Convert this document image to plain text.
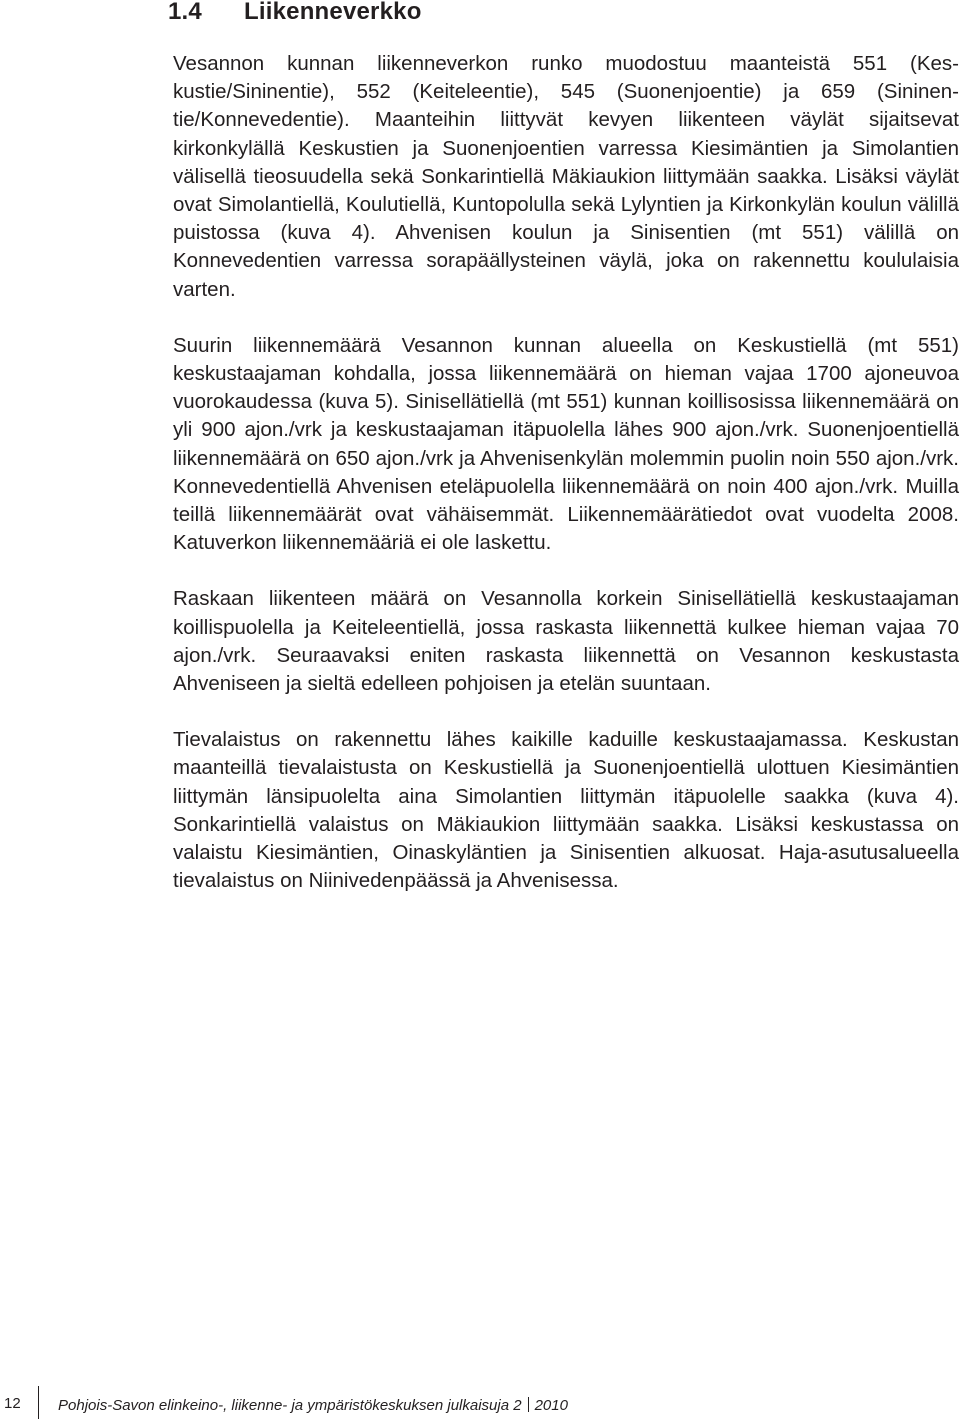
1.4 Liikenneverkko

Vesannon kunnan liikenneverkon runko muodostuu maanteistä 551 (Keskustie/Sininentie), 552 (Keiteleentie), 545 (Suonenjoentie) ja 659 (Sininentie/Konnevedentie). Maanteihin liittyvät kevyen liikenteen väylät sijaitsevat kirkonkylällä Keskustien ja Suonenjoentien varressa Kiesimäntien ja Simolantien välisellä tieosuudella sekä Sonkarintiellä Mäkiaukion liittymään saakka. Lisäksi väylät ovat Simolantiellä, Koulutiellä, Kuntopolulla sekä Lylyntien ja Kirkonkylän koulun välillä puistossa (kuva 4). Ahvenisen koulun ja Sinisentien (mt 551) välillä on Konnevedentien varressa sorapäällysteinen väylä, joka on rakennettu koululaisia varten.

Suurin liikennemäärä Vesannon kunnan alueella on Keskustiellä (mt 551) keskustaajaman kohdalla, jossa liikennemäärä on hieman vajaa 1700 ajoneuvoa vuorokaudessa (kuva 5). Sinisellätiellä (mt 551) kunnan koillisosissa liikennemäärä on yli 900 ajon./vrk ja keskustaajaman itäpuolella lähes 900 ajon./vrk. Suonenjoentiellä liikennemäärä on 650 ajon./vrk ja Ahvenisenkylän molemmin puolin noin 550 ajon./vrk. Konnevedentiellä Ahvenisen eteläpuolella liikennemäärä on noin 400 ajon./vrk. Muilla teillä liikennemäärät ovat vähäisemmät. Liikennemäärätiedot ovat vuodelta 2008. Katuverkon liikennemääriä ei ole laskettu.

Raskaan liikenteen määrä on Vesannolla korkein Sinisellätiellä keskustaajaman koillispuolella ja Keiteleentiellä, jossa raskasta liikennettä kulkee hieman vajaa 70 ajon./vrk. Seuraavaksi eniten raskasta liikennettä on Vesannon keskustasta Ahveniseen ja sieltä edelleen pohjoisen ja etelän suuntaan.

Tievalaistus on rakennettu lähes kaikille kaduille keskustaajamassa. Keskustan maanteillä tievalaistusta on Keskustiellä ja Suonenjoentiellä ulottuen Kiesimäntien liittymän länsipuolelta aina Simolantien liittymän itäpuolelle saakka (kuva 4). Sonkarintiellä valaistus on Mäkiaukion liittymään saakka. Lisäksi keskustassa on valaistu Kiesimäntien, Oinaskyläntien ja Sinisentien alkuosat. Haja-asutusalueella tievalaistus on Niinivedenpäässä ja Ahvenisessa.

12 Pohjois-Savon elinkeino-, liikenne- ja ympäristökeskuksen julkaisuja 2 2010
